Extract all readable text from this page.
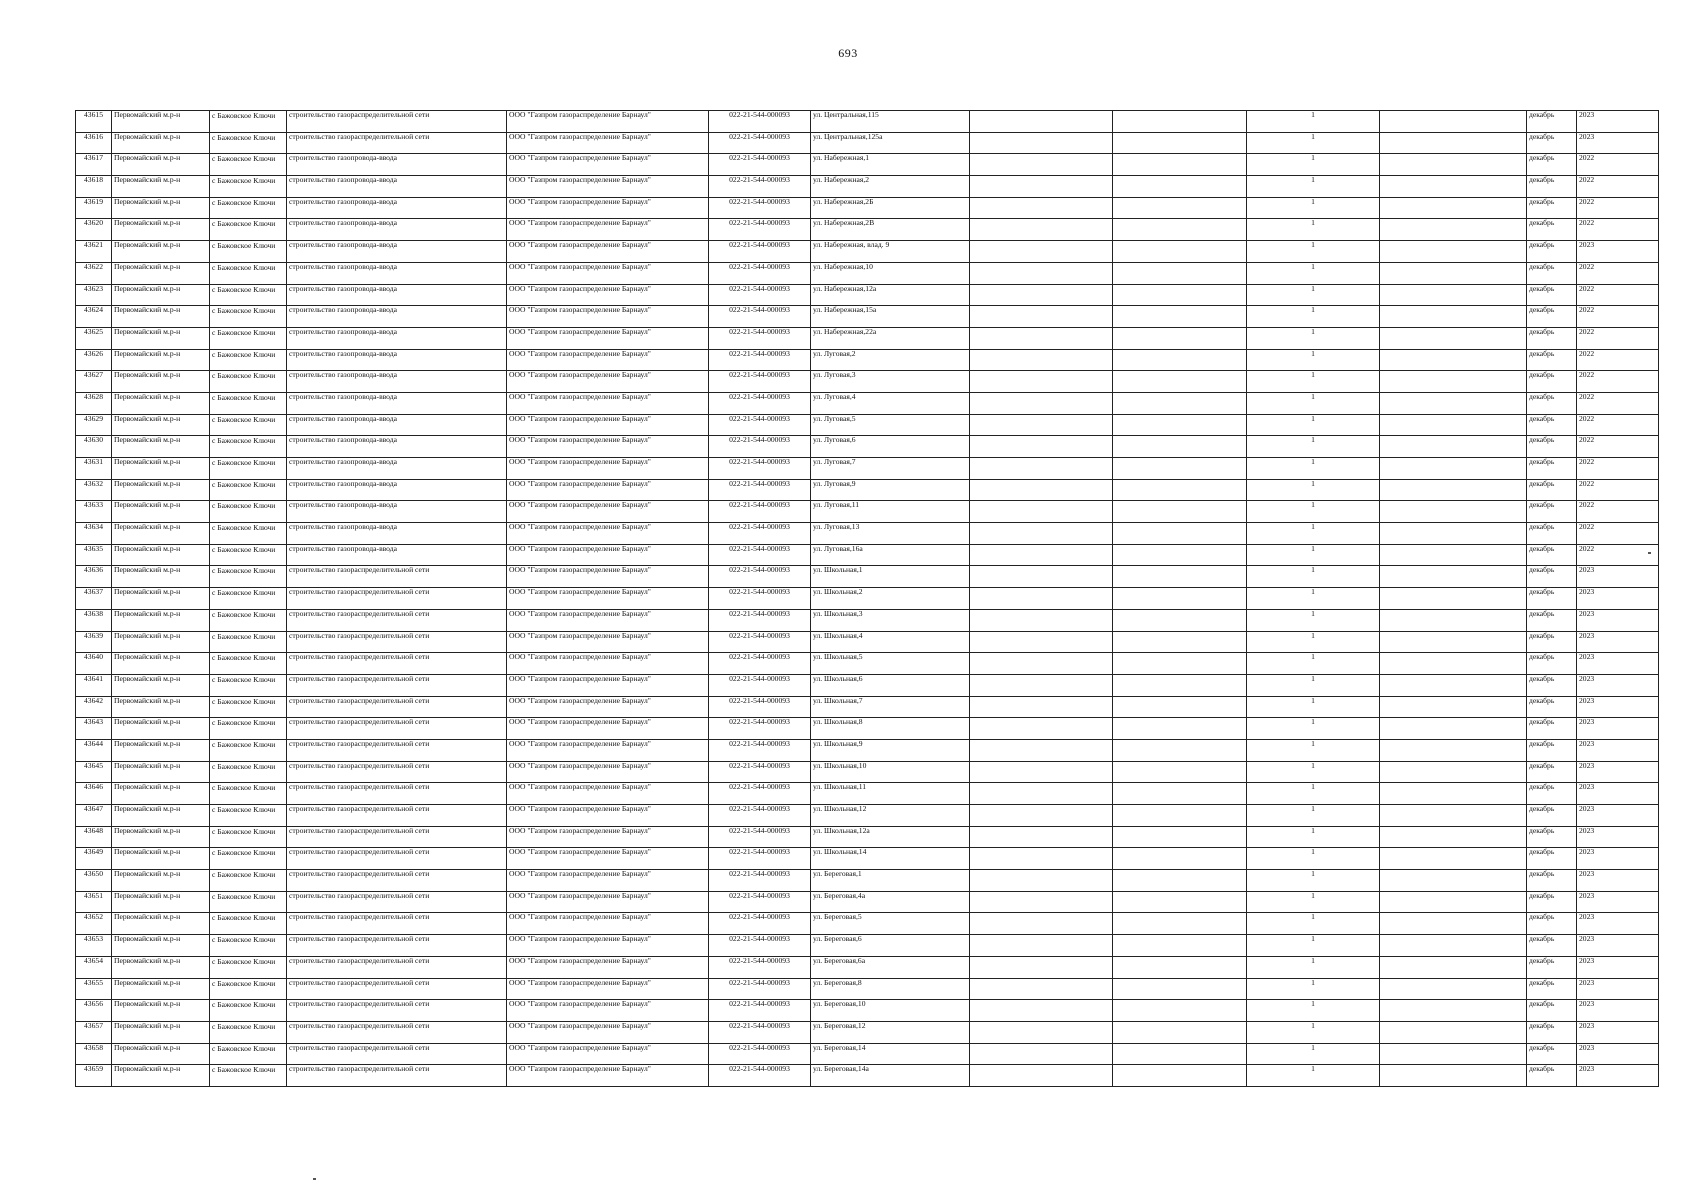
693
43615	Первомайский м.р-н	с Бажовское Ключи	строительство газораспределительной сети	ООО "Газпром газораспределение Барнаул"	022-21-544-000093	ул. Центральная,115			1		декабрь	2023
43616	Первомайский м.р-н	с Бажовское Ключи	строительство газораспределительной сети	ООО "Газпром газораспределение Барнаул"	022-21-544-000093	ул. Центральная,125а			1		декабрь	2023
43617	Первомайский м.р-н	с Бажовское Ключи	строительство газопровода-ввода	ООО "Газпром газораспределение Барнаул"	022-21-544-000093	ул. Набережная,1			1		декабрь	2022
43618	Первомайский м.р-н	с Бажовское Ключи	строительство газопровода-ввода	ООО "Газпром газораспределение Барнаул"	022-21-544-000093	ул. Набережная,2			1		декабрь	2022
43619	Первомайский м.р-н	с Бажовское Ключи	строительство газопровода-ввода	ООО "Газпром газораспределение Барнаул"	022-21-544-000093	ул. Набережная,2Б			1		декабрь	2022
43620	Первомайский м.р-н	с Бажовское Ключи	строительство газопровода-ввода	ООО "Газпром газораспределение Барнаул"	022-21-544-000093	ул. Набережная,2В			1		декабрь	2022
43621	Первомайский м.р-н	с Бажовское Ключи	строительство газопровода-ввода	ООО "Газпром газораспределение Барнаул"	022-21-544-000093	ул. Набережная, влад. 9			1		декабрь	2023
43622	Первомайский м.р-н	с Бажовское Ключи	строительство газопровода-ввода	ООО "Газпром газораспределение Барнаул"	022-21-544-000093	ул. Набережная,10			1		декабрь	2022
43623	Первомайский м.р-н	с Бажовское Ключи	строительство газопровода-ввода	ООО "Газпром газораспределение Барнаул"	022-21-544-000093	ул. Набережная,12а			1		декабрь	2022
43624	Первомайский м.р-н	с Бажовское Ключи	строительство газопровода-ввода	ООО "Газпром газораспределение Барнаул"	022-21-544-000093	ул. Набережная,15а			1		декабрь	2022
43625	Первомайский м.р-н	с Бажовское Ключи	строительство газопровода-ввода	ООО "Газпром газораспределение Барнаул"	022-21-544-000093	ул. Набережная,22а			1		декабрь	2022
43626	Первомайский м.р-н	с Бажовское Ключи	строительство газопровода-ввода	ООО "Газпром газораспределение Барнаул"	022-21-544-000093	ул. Луговая,2			1		декабрь	2022
43627	Первомайский м.р-н	с Бажовское Ключи	строительство газопровода-ввода	ООО "Газпром газораспределение Барнаул"	022-21-544-000093	ул. Луговая,3			1		декабрь	2022
43628	Первомайский м.р-н	с Бажовское Ключи	строительство газопровода-ввода	ООО "Газпром газораспределение Барнаул"	022-21-544-000093	ул. Луговая,4			1		декабрь	2022
43629	Первомайский м.р-н	с Бажовское Ключи	строительство газопровода-ввода	ООО "Газпром газораспределение Барнаул"	022-21-544-000093	ул. Луговая,5			1		декабрь	2022
43630	Первомайский м.р-н	с Бажовское Ключи	строительство газопровода-ввода	ООО "Газпром газораспределение Барнаул"	022-21-544-000093	ул. Луговая,6			1		декабрь	2022
43631	Первомайский м.р-н	с Бажовское Ключи	строительство газопровода-ввода	ООО "Газпром газораспределение Барнаул"	022-21-544-000093	ул. Луговая,7			1		декабрь	2022
43632	Первомайский м.р-н	с Бажовское Ключи	строительство газопровода-ввода	ООО "Газпром газораспределение Барнаул"	022-21-544-000093	ул. Луговая,9			1		декабрь	2022
43633	Первомайский м.р-н	с Бажовское Ключи	строительство газопровода-ввода	ООО "Газпром газораспределение Барнаул"	022-21-544-000093	ул. Луговая,11			1		декабрь	2022
43634	Первомайский м.р-н	с Бажовское Ключи	строительство газопровода-ввода	ООО "Газпром газораспределение Барнаул"	022-21-544-000093	ул. Луговая,13			1		декабрь	2022
43635	Первомайский м.р-н	с Бажовское Ключи	строительство газопровода-ввода	ООО "Газпром газораспределение Барнаул"	022-21-544-000093	ул. Луговая,16а			1		декабрь	2022
43636	Первомайский м.р-н	с Бажовское Ключи	строительство газораспределительной сети	ООО "Газпром газораспределение Барнаул"	022-21-544-000093	ул. Школьная,1			1		декабрь	2023
43637	Первомайский м.р-н	с Бажовское Ключи	строительство газораспределительной сети	ООО "Газпром газораспределение Барнаул"	022-21-544-000093	ул. Школьная,2			1		декабрь	2023
43638	Первомайский м.р-н	с Бажовское Ключи	строительство газораспределительной сети	ООО "Газпром газораспределение Барнаул"	022-21-544-000093	ул. Школьная,3			1		декабрь	2023
43639	Первомайский м.р-н	с Бажовское Ключи	строительство газораспределительной сети	ООО "Газпром газораспределение Барнаул"	022-21-544-000093	ул. Школьная,4			1		декабрь	2023
43640	Первомайский м.р-н	с Бажовское Ключи	строительство газораспределительной сети	ООО "Газпром газораспределение Барнаул"	022-21-544-000093	ул. Школьная,5			1		декабрь	2023
43641	Первомайский м.р-н	с Бажовское Ключи	строительство газораспределительной сети	ООО "Газпром газораспределение Барнаул"	022-21-544-000093	ул. Школьная,6			1		декабрь	2023
43642	Первомайский м.р-н	с Бажовское Ключи	строительство газораспределительной сети	ООО "Газпром газораспределение Барнаул"	022-21-544-000093	ул. Школьная,7			1		декабрь	2023
43643	Первомайский м.р-н	с Бажовское Ключи	строительство газораспределительной сети	ООО "Газпром газораспределение Барнаул"	022-21-544-000093	ул. Школьная,8			1		декабрь	2023
43644	Первомайский м.р-н	с Бажовское Ключи	строительство газораспределительной сети	ООО "Газпром газораспределение Барнаул"	022-21-544-000093	ул. Школьная,9			1		декабрь	2023
43645	Первомайский м.р-н	с Бажовское Ключи	строительство газораспределительной сети	ООО "Газпром газораспределение Барнаул"	022-21-544-000093	ул. Школьная,10			1		декабрь	2023
43646	Первомайский м.р-н	с Бажовское Ключи	строительство газораспределительной сети	ООО "Газпром газораспределение Барнаул"	022-21-544-000093	ул. Школьная,11			1		декабрь	2023
43647	Первомайский м.р-н	с Бажовское Ключи	строительство газораспределительной сети	ООО "Газпром газораспределение Барнаул"	022-21-544-000093	ул. Школьная,12			1		декабрь	2023
43648	Первомайский м.р-н	с Бажовское Ключи	строительство газораспределительной сети	ООО "Газпром газораспределение Барнаул"	022-21-544-000093	ул. Школьная,12а			1		декабрь	2023
43649	Первомайский м.р-н	с Бажовское Ключи	строительство газораспределительной сети	ООО "Газпром газораспределение Барнаул"	022-21-544-000093	ул. Школьная,14			1		декабрь	2023
43650	Первомайский м.р-н	с Бажовское Ключи	строительство газораспределительной сети	ООО "Газпром газораспределение Барнаул"	022-21-544-000093	ул. Береговая,1			1		декабрь	2023
43651	Первомайский м.р-н	с Бажовское Ключи	строительство газораспределительной сети	ООО "Газпром газораспределение Барнаул"	022-21-544-000093	ул. Береговая,4а			1		декабрь	2023
43652	Первомайский м.р-н	с Бажовское Ключи	строительство газораспределительной сети	ООО "Газпром газораспределение Барнаул"	022-21-544-000093	ул. Береговая,5			1		декабрь	2023
43653	Первомайский м.р-н	с Бажовское Ключи	строительство газораспределительной сети	ООО "Газпром газораспределение Барнаул"	022-21-544-000093	ул. Береговая,6			1		декабрь	2023
43654	Первомайский м.р-н	с Бажовское Ключи	строительство газораспределительной сети	ООО "Газпром газораспределение Барнаул"	022-21-544-000093	ул. Береговая,6а			1		декабрь	2023
43655	Первомайский м.р-н	с Бажовское Ключи	строительство газораспределительной сети	ООО "Газпром газораспределение Барнаул"	022-21-544-000093	ул. Береговая,8			1		декабрь	2023
43656	Первомайский м.р-н	с Бажовское Ключи	строительство газораспределительной сети	ООО "Газпром газораспределение Барнаул"	022-21-544-000093	ул. Береговая,10			1		декабрь	2023
43657	Первомайский м.р-н	с Бажовское Ключи	строительство газораспределительной сети	ООО "Газпром газораспределение Барнаул"	022-21-544-000093	ул. Береговая,12			1		декабрь	2023
43658	Первомайский м.р-н	с Бажовское Ключи	строительство газораспределительной сети	ООО "Газпром газораспределение Барнаул"	022-21-544-000093	ул. Береговая,14			1		декабрь	2023
43659	Первомайский м.р-н	с Бажовское Ключи	строительство газораспределительной сети	ООО "Газпром газораспределение Барнаул"	022-21-544-000093	ул. Береговая,14а			1		декабрь	2023
